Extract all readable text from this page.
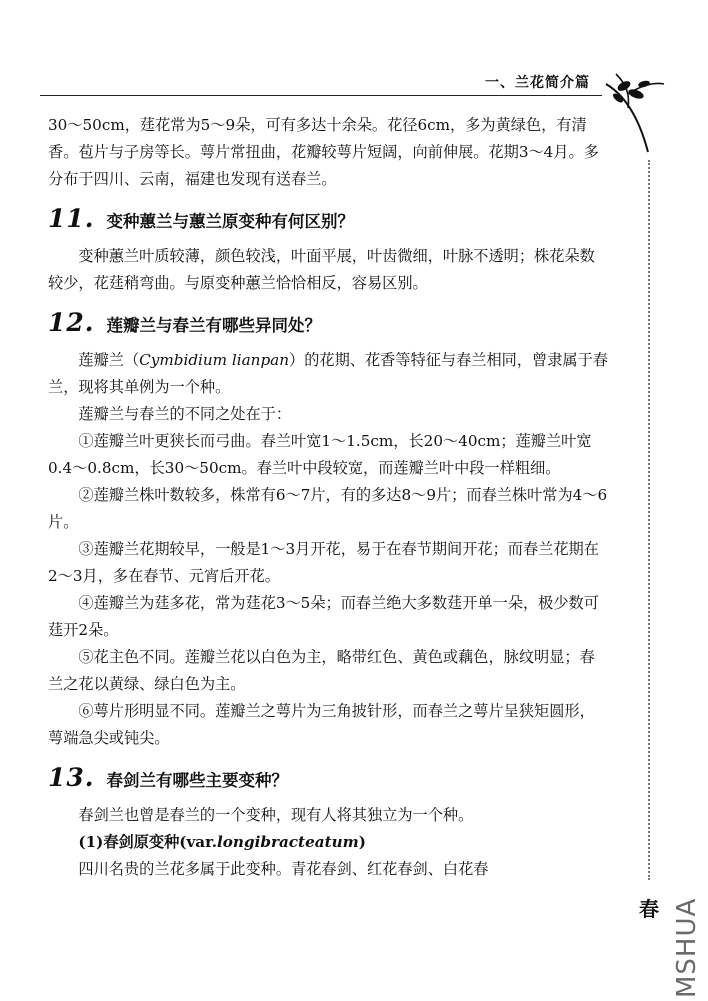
一、兰花简介篇
春 MSHUA

30～50cm，莛花常为5～9朵，可有多达十余朵。花径6cm，多为黄绿色，有清香。苞片与子房等长。萼片常扭曲，花瓣较萼片短阔，向前伸展。花期3～4月。多分布于四川、云南，福建也发现有送春兰。

11. 变种蕙兰与蕙兰原变种有何区别？

变种蕙兰叶质较薄，颜色较浅，叶面平展，叶齿微细，叶脉不透明；株花朵数较少，花莛稍弯曲。与原变种蕙兰恰恰相反，容易区别。

12. 莲瓣兰与春兰有哪些异同处？

莲瓣兰（Cymbidium lianpan）的花期、花香等特征与春兰相同，曾隶属于春兰，现将其单例为一个种。

莲瓣兰与春兰的不同之处在于：

①莲瓣兰叶更狭长而弓曲。春兰叶宽1～1.5cm，长20～40cm；莲瓣兰叶宽0.4～0.8cm，长30～50cm。春兰叶中段较宽，而莲瓣兰叶中段一样粗细。

②莲瓣兰株叶数较多，株常有6～7片，有的多达8～9片；而春兰株叶常为4～6片。

③莲瓣兰花期较早，一般是1～3月开花，易于在春节期间开花；而春兰花期在2～3月，多在春节、元宵后开花。

④莲瓣兰为莛多花，常为莛花3～5朵；而春兰绝大多数莛开单一朵，极少数可莛开2朵。

⑤花主色不同。莲瓣兰花以白色为主，略带红色、黄色或藕色，脉纹明显；春兰之花以黄绿、绿白色为主。

⑥萼片形明显不同。莲瓣兰之萼片为三角披针形，而春兰之萼片呈狭矩圆形，萼端急尖或钝尖。

13. 春剑兰有哪些主要变种？

春剑兰也曾是春兰的一个变种，现有人将其独立为一个种。

(1)春剑原变种(var.longibracteatum)

四川名贵的兰花多属于此变种。青花春剑、红花春剑、白花春
